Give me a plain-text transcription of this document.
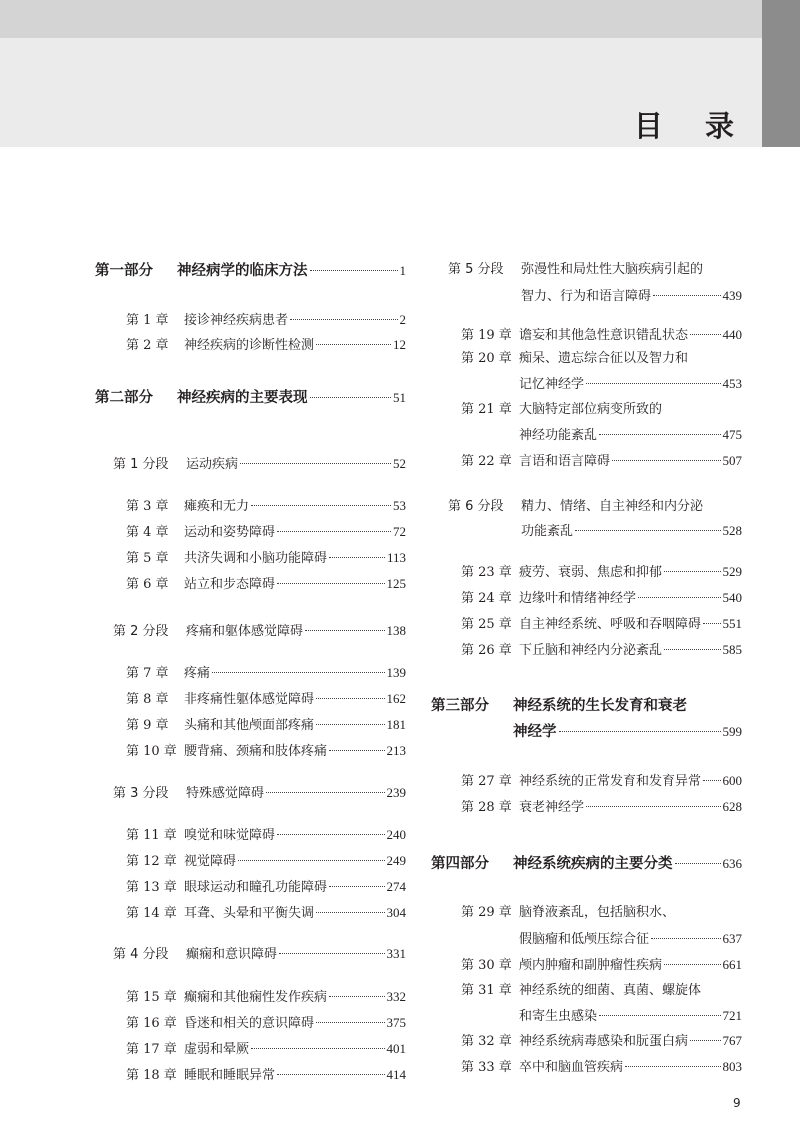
目 录
第一部分	神经病学的临床方法	1
第 1 章	接诊神经疾病患者	2
第 2 章	神经疾病的诊断性检测	12
第二部分	神经疾病的主要表现	51
第 1 分段	运动疾病	52
第 3 章	瘫痪和无力	53
第 4 章	运动和姿势障碍	72
第 5 章	共济失调和小脑功能障碍	113
第 6 章	站立和步态障碍	125
第 2 分段	疼痛和躯体感觉障碍	138
第 7 章	疼痛	139
第 8 章	非疼痛性躯体感觉障碍	162
第 9 章	头痛和其他颅面部疼痛	181
第 10 章 腰背痛、颈痛和肢体疼痛	213
第 3 分段	特殊感觉障碍	239
第 11 章 嗅觉和味觉障碍	240
第 12 章 视觉障碍	249
第 13 章 眼球运动和瞳孔功能障碍	274
第 14 章 耳聋、头晕和平衡失调	304
第 4 分段	癫痫和意识障碍	331
第 15 章 癫痫和其他痫性发作疾病	332
第 16 章 昏迷和相关的意识障碍	375
第 17 章 虚弱和晕厥	401
第 18 章 睡眠和睡眠异常	414
第 5 分段	弥漫性和局灶性大脑疾病引起的
智力、行为和语言障碍	439
第 19 章 谵妄和其他急性意识错乱状态	440
第 20 章 痴呆、遗忘综合征以及智力和
记忆神经学	453
第 21 章 大脑特定部位病变所致的
神经功能紊乱	475
第 22 章 言语和语言障碍	507
第 6 分段	精力、情绪、自主神经和内分泌
功能紊乱	528
第 23 章 疲劳、衰弱、焦虑和抑郁	529
第 24 章 边缘叶和情绪神经学	540
第 25 章 自主神经系统、呼吸和吞咽障碍 551
第 26 章 下丘脑和神经内分泌紊乱	585
第三部分	神经系统的生长发育和衰老
神经学	599
第 27 章 神经系统的正常发育和发育异常 600
第 28 章 衰老神经学	628
第四部分	神经系统疾病的主要分类	636
第 29 章 脑脊液紊乱，包括脑积水、
假脑瘤和低颅压综合征	637
第 30 章 颅内肿瘤和副肿瘤性疾病	661
第 31 章 神经系统的细菌、真菌、螺旋体
和寄生虫感染	721
第 32 章 神经系统病毒感染和朊蛋白病	767
第 33 章 卒中和脑血管疾病	803
9
